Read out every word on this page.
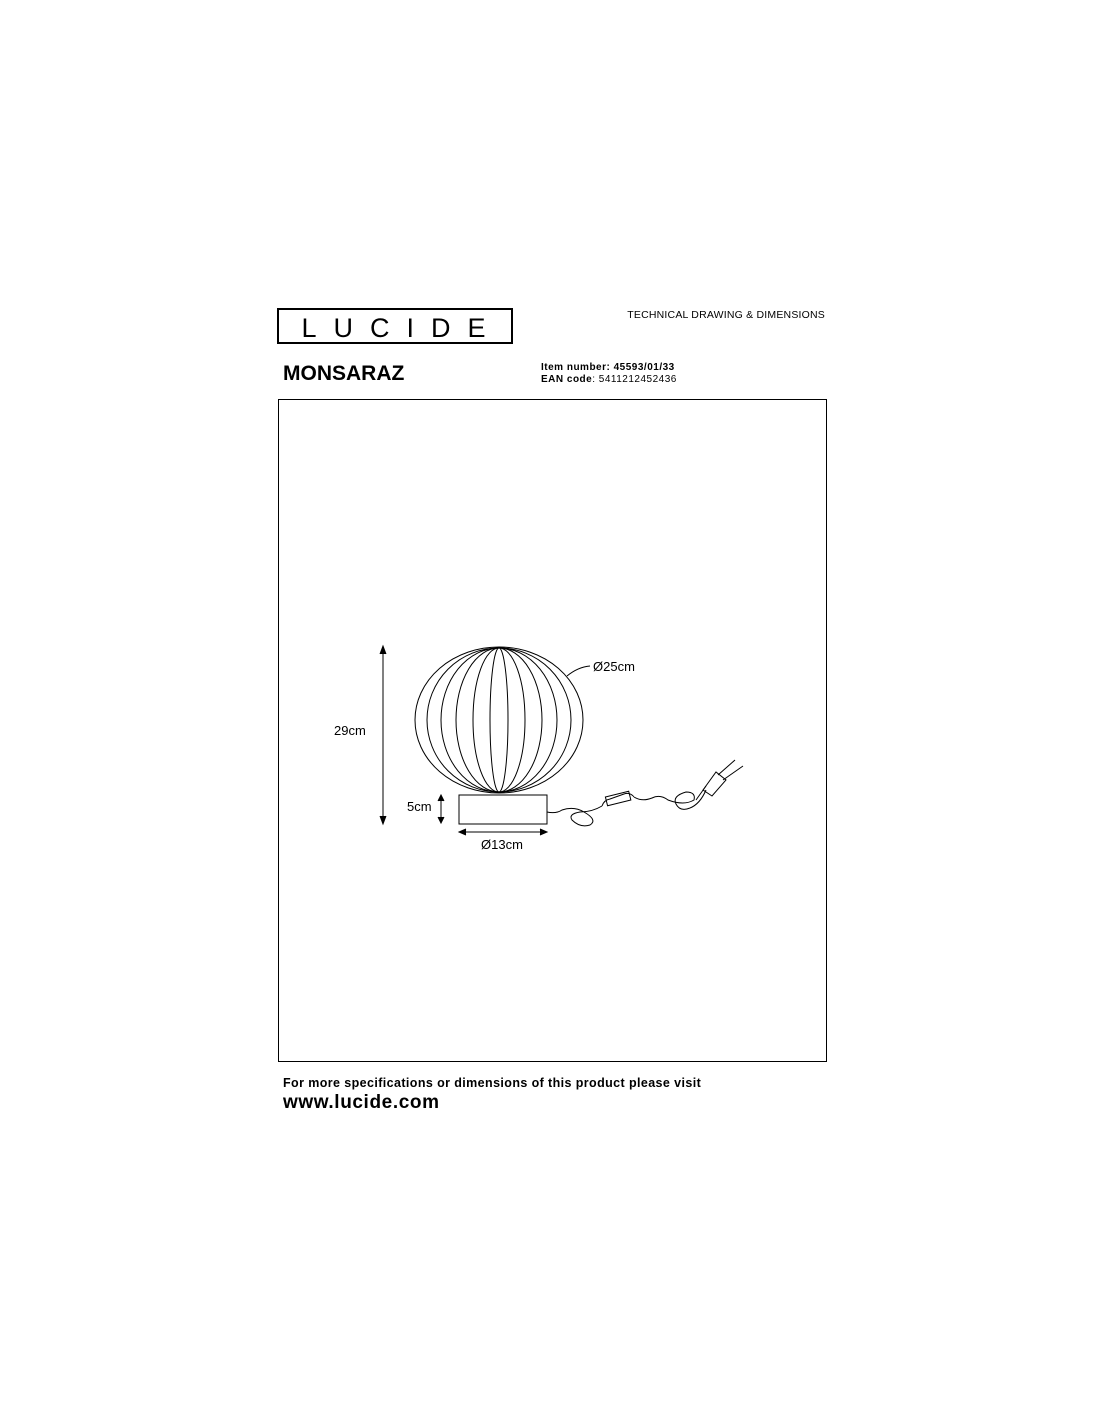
LUCIDE	TECHNICAL DRAWING & DIMENSIONS
MONSARAZ	Item number: 45593/01/33
EAN code: 5411212452436
29cm
5cm
Ø25cm
Ø13cm
For more specifications or dimensions of this product please visit
www.lucide.com
